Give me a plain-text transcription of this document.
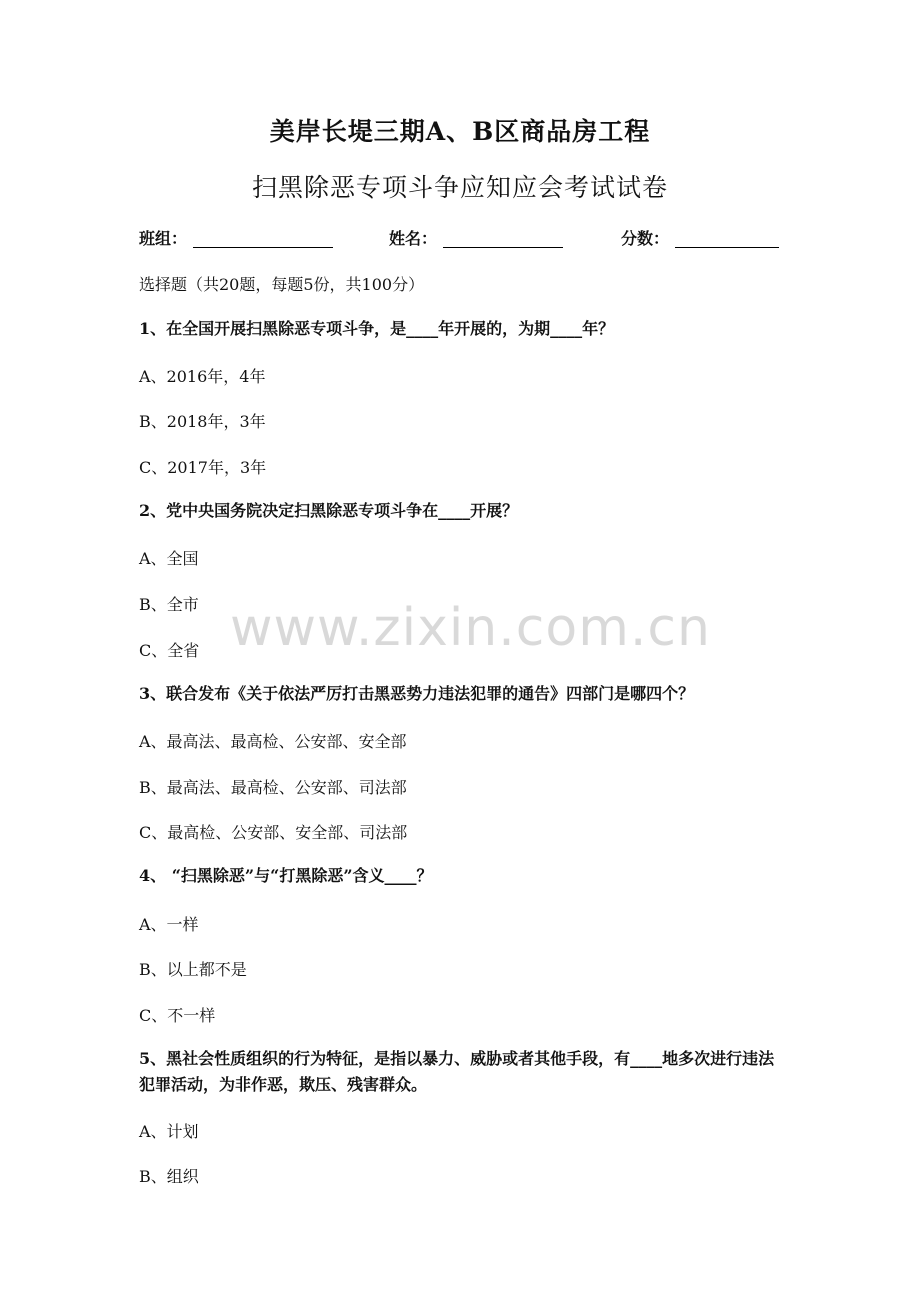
美岸长堤三期A、B区商品房工程
扫黑除恶专项斗争应知应会考试试卷
班组：	姓名：	分数：
选择题（共20题，每题5份，共100分）
1、在全国开展扫黑除恶专项斗争，是____年开展的，为期____年？
A、2016年，4年
B、2018年，3年
C、2017年，3年
2、党中央国务院决定扫黑除恶专项斗争在____开展？
A、全国
B、全市
C、全省
3、联合发布《关于依法严厉打击黑恶势力违法犯罪的通告》四部门是哪四个？
A、最高法、最高检、公安部、安全部
B、最高法、最高检、公安部、司法部
C、最高检、公安部、安全部、司法部
4、 “扫黑除恶”与“打黑除恶”含义____？
A、一样
B、以上都不是
C、不一样
5、黑社会性质组织的行为特征，是指以暴力、威胁或者其他手段，有____地多次进行违法犯罪活动，为非作恶，欺压、残害群众。
A、计划
B、组织
www.zixin.com.cn
